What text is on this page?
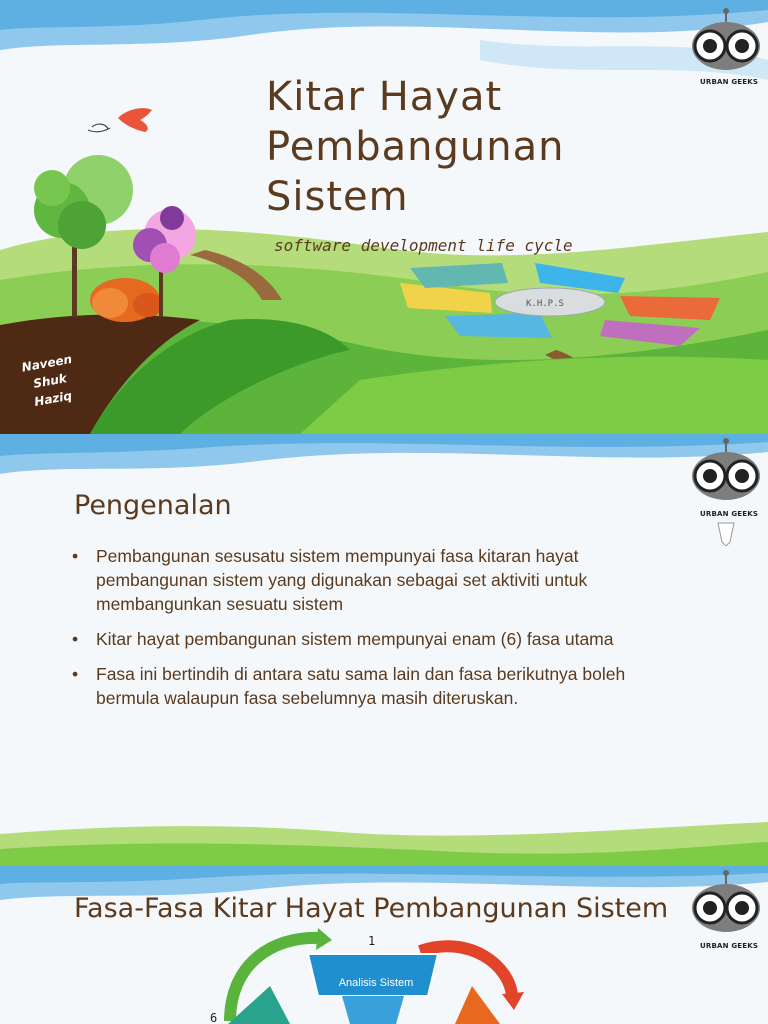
K.H.P.S
Kitar Hayat
Pembangunan
Sistem
software development life cycle
Naveen
Shuk
Haziq
URBAN GEEKS
Pengenalan
• Pembangunan sesusatu sistem mempunyai fasa kitaran hayat pembangunan sistem yang digunakan sebagai set aktiviti untuk membangunkan sesuatu sistem
• Kitar hayat pembangunan sistem mempunyai enam (6) fasa utama
• Fasa ini bertindih di antara satu sama lain dan fasa berikutnya boleh bermula walaupun fasa sebelumnya masih diteruskan.
URBAN GEEKS
Fasa-Fasa Kitar Hayat Pembangunan Sistem
Analisis Sistem
1
6
URBAN GEEKS
